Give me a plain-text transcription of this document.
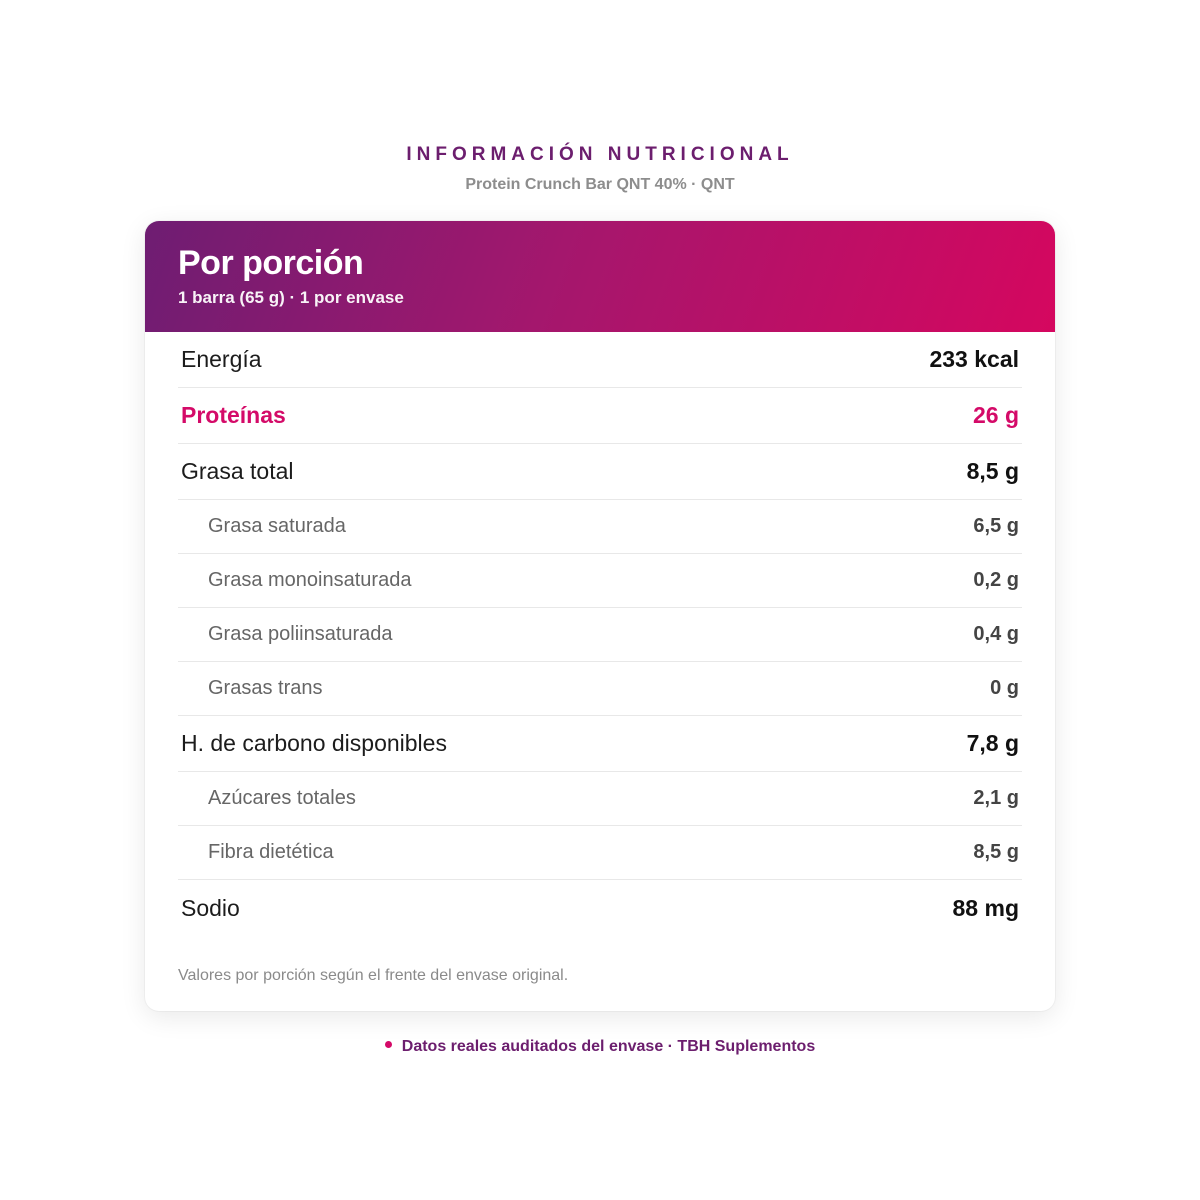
INFORMACIÓN NUTRICIONAL
Protein Crunch Bar QNT 40% · QNT
Por porción
1 barra (65 g) · 1 por envase
Energía	233 kcal
Proteínas	26 g
Grasa total	8,5 g
Grasa saturada	6,5 g
Grasa monoinsaturada	0,2 g
Grasa poliinsaturada	0,4 g
Grasas trans	0 g
H. de carbono disponibles	7,8 g
Azúcares totales	2,1 g
Fibra dietética	8,5 g
Sodio	88 mg
Valores por porción según el frente del envase original.
Datos reales auditados del envase · TBH Suplementos
